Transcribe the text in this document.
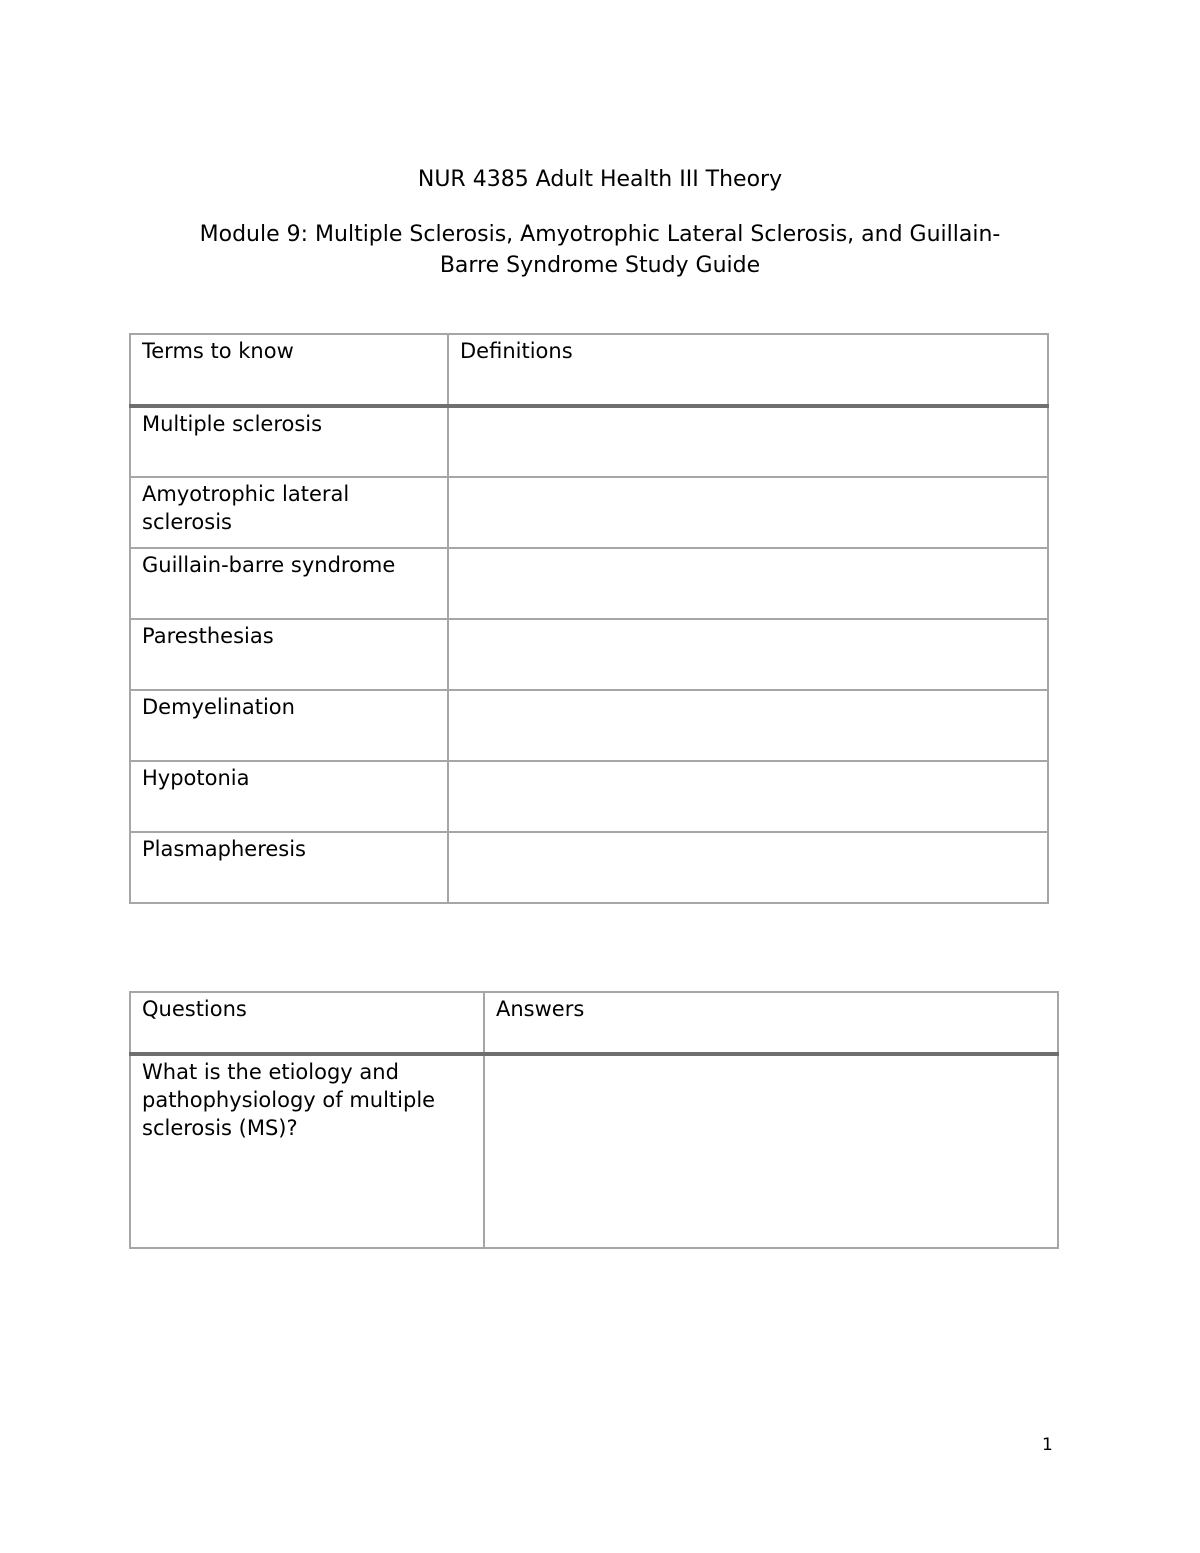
NUR 4385 Adult Health III Theory
Module 9: Multiple Sclerosis, Amyotrophic Lateral Sclerosis, and Guillain-
Barre Syndrome Study Guide
Terms to know	Definitions
Multiple sclerosis	
Amyotrophic lateral sclerosis	
Guillain-barre syndrome	
Paresthesias	
Demyelination	
Hypotonia	
Plasmapheresis	
Questions	Answers
What is the etiology and pathophysiology of multiple sclerosis (MS)?	
1
